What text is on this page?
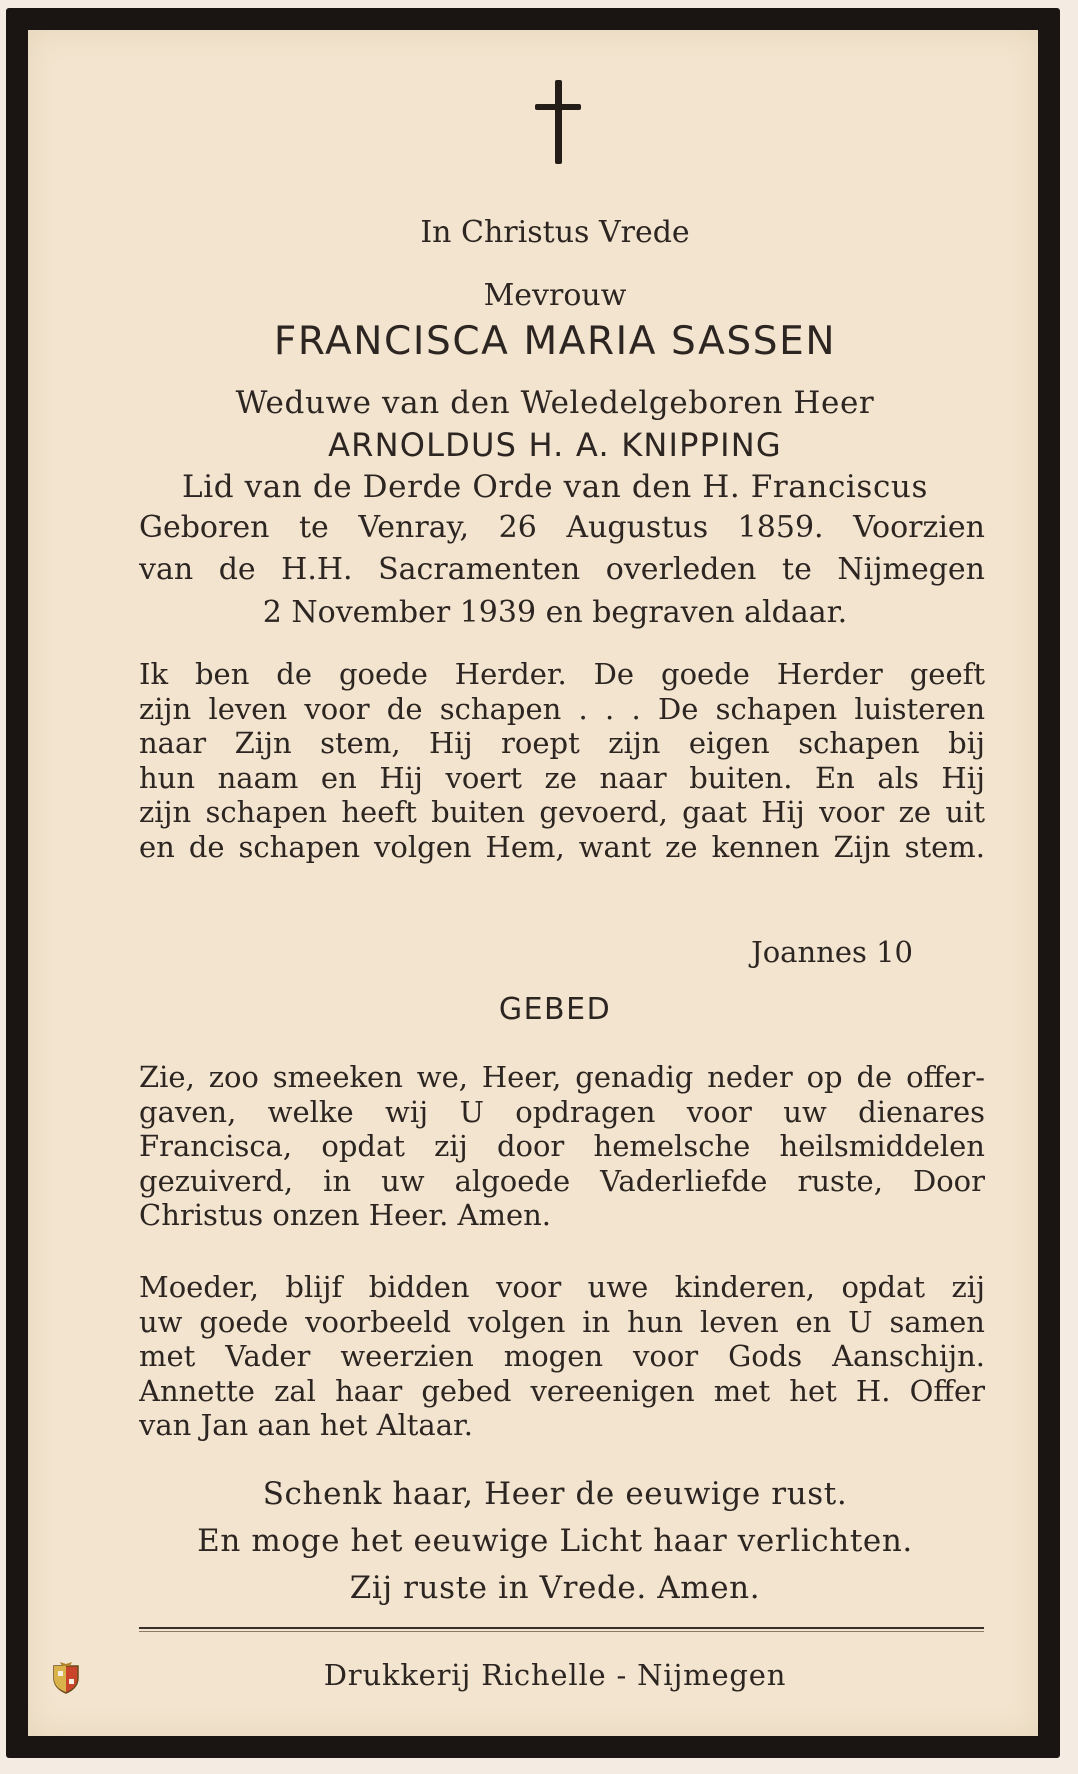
In Christus Vrede
Mevrouw
FRANCISCA MARIA SASSEN
Weduwe van den Weledelgeboren Heer
ARNOLDUS H. A. KNIPPING
Lid van de Derde Orde van den H. Franciscus
Geboren te Venray, 26 Augustus 1859. Voorzien
van de H.H. Sacramenten overleden te Nijmegen
2 November 1939 en begraven aldaar.
Ik ben de goede Herder. De goede Herder geeft
zijn leven voor de schapen . . . De schapen luisteren
naar Zijn stem, Hij roept zijn eigen schapen bij
hun naam en Hij voert ze naar buiten. En als Hij
zijn schapen heeft buiten gevoerd, gaat Hij voor ze uit
en de schapen volgen Hem, want ze kennen Zijn stem.
Joannes 10
GEBED
Zie, zoo smeeken we, Heer, genadig neder op de offer-
gaven, welke wij U opdragen voor uw dienares
Francisca, opdat zij door hemelsche heilsmiddelen
gezuiverd, in uw algoede Vaderliefde ruste, Door
Christus onzen Heer. Amen.
Moeder, blijf bidden voor uwe kinderen, opdat zij
uw goede voorbeeld volgen in hun leven en U samen
met Vader weerzien mogen voor Gods Aanschijn.
Annette zal haar gebed vereenigen met het H. Offer
van Jan aan het Altaar.
Schenk haar, Heer de eeuwige rust.
En moge het eeuwige Licht haar verlichten.
Zij ruste in Vrede. Amen.
Drukkerij Richelle - Nijmegen
